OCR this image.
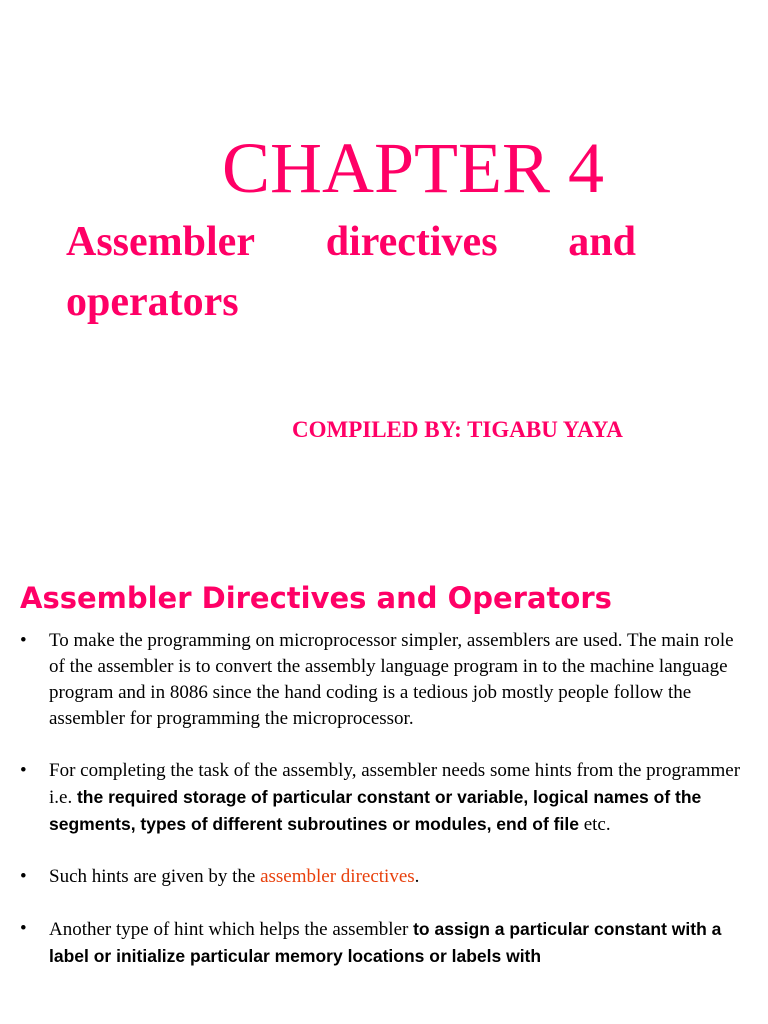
CHAPTER 4
Assembler directives and
operators

COMPILED BY: TIGABU YAYA

Assembler Directives and Operators
• To make the programming on microprocessor simpler, assemblers are used. The main role of the assembler is to convert the assembly language program in to the machine language program and in 8086 since the hand coding is a tedious job mostly people follow the assembler for programming the microprocessor.
• For completing the task of the assembly, assembler needs some hints from the programmer i.e. the required storage of particular constant or variable, logical names of the segments, types of different subroutines or modules, end of file etc.
• Such hints are given by the assembler directives.
• Another type of hint which helps the assembler to assign a particular constant with a label or initialize particular memory locations or labels with
